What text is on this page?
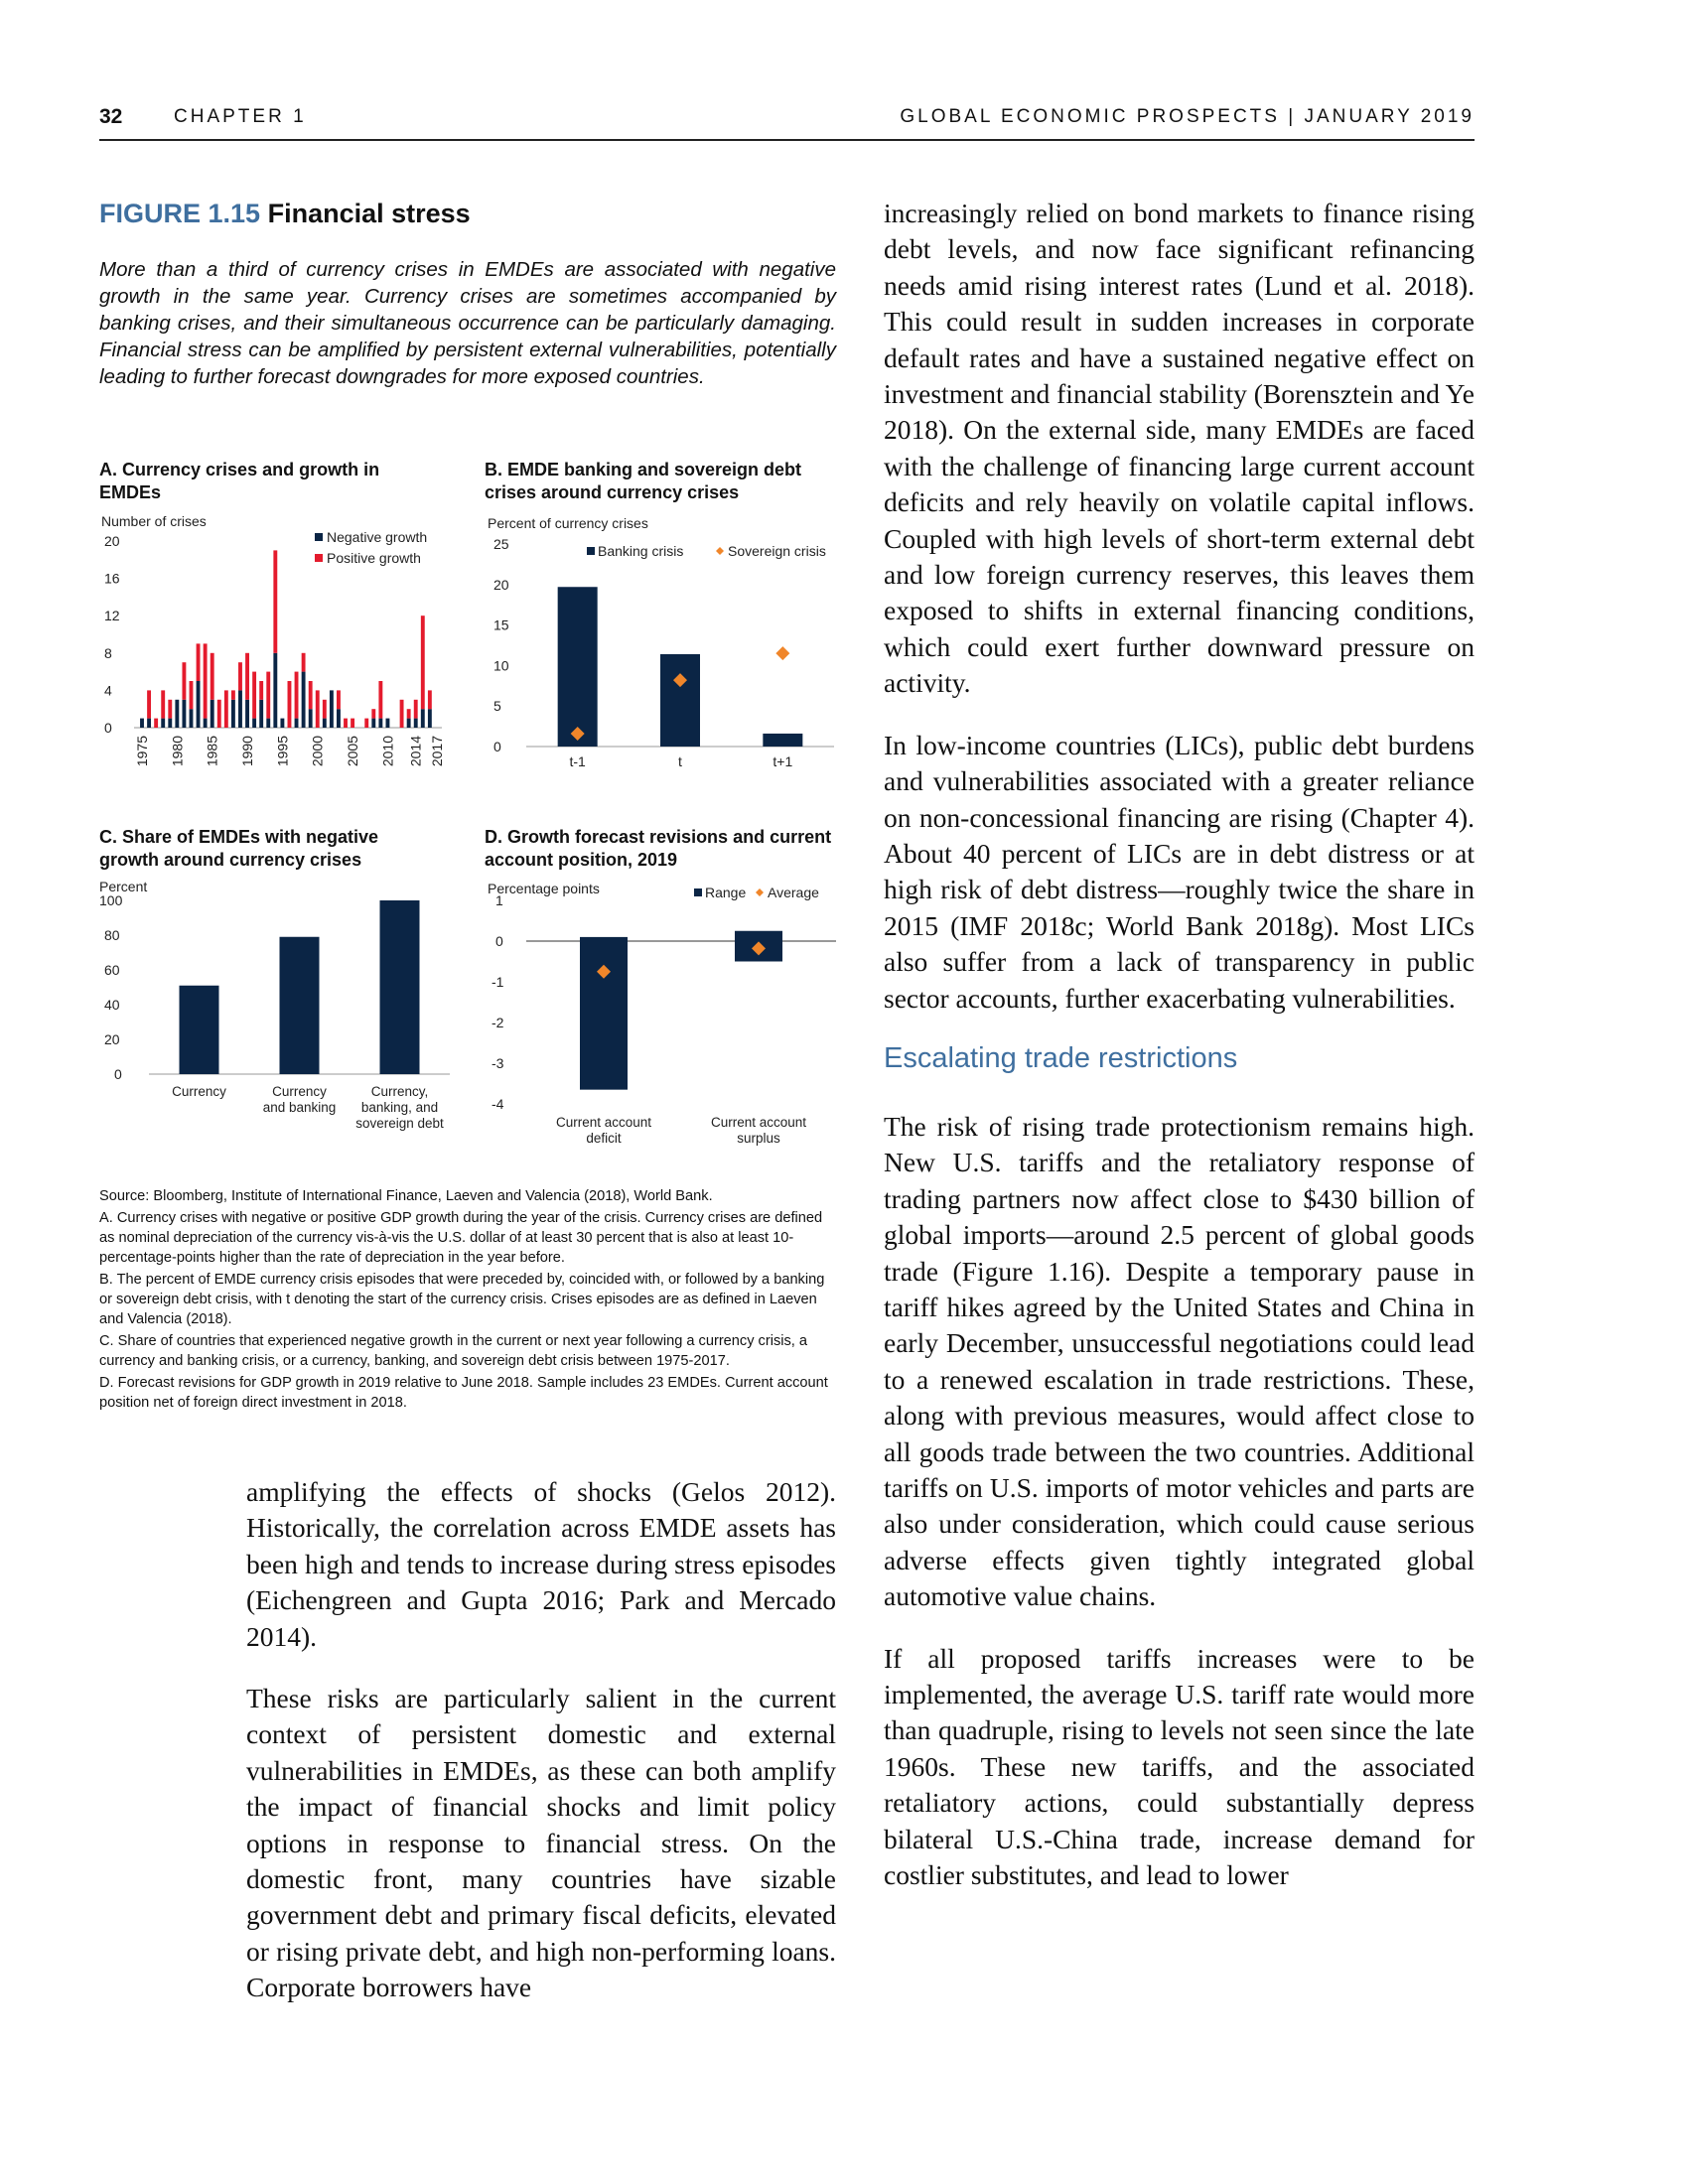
32	CHAPTER 1	GLOBAL ECONOMIC PROSPECTS | JANUARY 2019
FIGURE 1.15 Financial stress
More than a third of currency crises in EMDEs are associated with negative growth in the same year. Currency crises are sometimes accompanied by banking crises, and their simultaneous occurrence can be particularly damaging. Financial stress can be amplified by persistent external vulnerabilities, potentially leading to further forecast downgrades for more exposed countries.
A. Currency crises and growth in EMDEs
B. EMDE banking and sovereign debt crises around currency crises
C. Share of EMDEs with negative growth around currency crises
D. Growth forecast revisions and current account position, 2019
Number of crises
0
4
8
12
16
20
1975 1980 1985 1990 1995 2000 2005 2010 2014 2017
Negative growth
Positive growth
Percent of currency crises
0
5
10
15
20
25
t-1	t	t+1
Banking crisis	Sovereign crisis
Percent
0
20
40
60
80
100
Currency	Currency
and banking
Currency,
banking, and
sovereign debt
Percentage points
1
0
-1
-2
-3
-4
Current account
deficit
Current account
surplus
Range Average

Source: Bloomberg, Institute of International Finance, Laeven and Valencia (2018), World Bank.

A. Currency crises with negative or positive GDP growth during the year of the crisis. Currency crises are defined as nominal depreciation of the currency vis-à-vis the U.S. dollar of at least 30 percent that is also at least 10-percentage-points higher than the rate of depreciation in the year before.

B. The percent of EMDE currency crisis episodes that were preceded by, coincided with, or followed by a banking or sovereign debt crisis, with t denoting the start of the currency crisis. Crises episodes are as defined in Laeven and Valencia (2018).

C. Share of countries that experienced negative growth in the current or next year following a currency crisis, a currency and banking crisis, or a currency, banking, and sovereign debt crisis between 1975-2017.

D. Forecast revisions for GDP growth in 2019 relative to June 2018. Sample includes 23 EMDEs. Current account position net of foreign direct investment in 2018.

amplifying the effects of shocks (Gelos 2012). Historically, the correlation across EMDE assets has been high and tends to increase during stress episodes (Eichengreen and Gupta 2016; Park and Mercado 2014).

These risks are particularly salient in the current context of persistent domestic and external vulnerabilities in EMDEs, as these can both amplify the impact of financial shocks and limit policy options in response to financial stress. On the domestic front, many countries have sizable government debt and primary fiscal deficits, elevated or rising private debt, and high non-performing loans. Corporate borrowers have

increasingly relied on bond markets to finance rising debt levels, and now face significant refinancing needs amid rising interest rates (Lund et al. 2018). This could result in sudden increases in corporate default rates and have a sustained negative effect on investment and financial stability (Borensztein and Ye 2018). On the external side, many EMDEs are faced with the challenge of financing large current account deficits and rely heavily on volatile capital inflows. Coupled with high levels of short-term external debt and low foreign currency reserves, this leaves them exposed to shifts in external financing conditions, which could exert further downward pressure on activity.

In low-income countries (LICs), public debt burdens and vulnerabilities associated with a greater reliance on non-concessional financing are rising (Chapter 4). About 40 percent of LICs are in debt distress or at high risk of debt distress—roughly twice the share in 2015 (IMF 2018c; World Bank 2018g). Most LICs also suffer from a lack of transparency in public sector accounts, further exacerbating vulnerabilities.

Escalating trade restrictions

The risk of rising trade protectionism remains high. New U.S. tariffs and the retaliatory response of trading partners now affect close to $430 billion of global imports—around 2.5 percent of global goods trade (Figure 1.16). Despite a temporary pause in tariff hikes agreed by the United States and China in early December, unsuccessful negotiations could lead to a renewed escalation in trade restrictions. These, along with previous measures, would affect close to all goods trade between the two countries. Additional tariffs on U.S. imports of motor vehicles and parts are also under consideration, which could cause serious adverse effects given tightly integrated global automotive value chains.

If all proposed tariffs increases were to be implemented, the average U.S. tariff rate would more than quadruple, rising to levels not seen since the late 1960s. These new tariffs, and the associated retaliatory actions, could substantially depress bilateral U.S.-China trade, increase demand for costlier substitutes, and lead to lower
